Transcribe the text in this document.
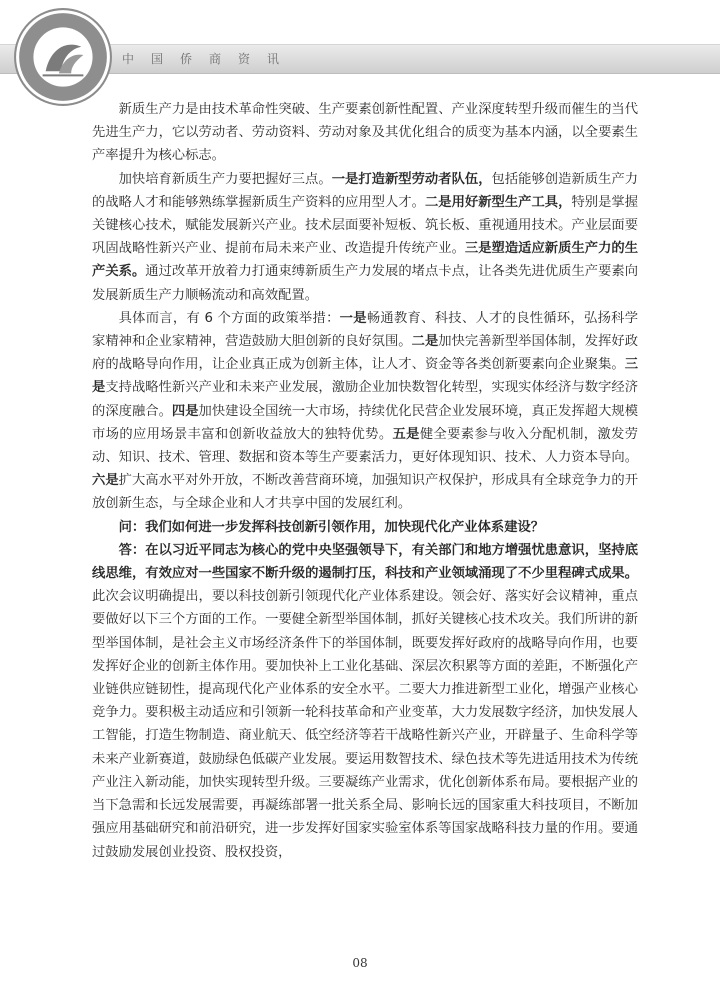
中国侨商资讯

新质生产力是由技术革命性突破、生产要素创新性配置、产业深度转型升级而催生的当代先进生产力，它以劳动者、劳动资料、劳动对象及其优化组合的质变为基本内涵，以全要素生产率提升为核心标志。

加快培育新质生产力要把握好三点。一是打造新型劳动者队伍，包括能够创造新质生产力的战略人才和能够熟练掌握新质生产资料的应用型人才。二是用好新型生产工具，特别是掌握关键核心技术，赋能发展新兴产业。技术层面要补短板、筑长板、重视通用技术。产业层面要巩固战略性新兴产业、提前布局未来产业、改造提升传统产业。三是塑造适应新质生产力的生产关系。通过改革开放着力打通束缚新质生产力发展的堵点卡点，让各类先进优质生产要素向发展新质生产力顺畅流动和高效配置。

具体而言，有 6 个方面的政策举措：一是畅通教育、科技、人才的良性循环，弘扬科学家精神和企业家精神，营造鼓励大胆创新的良好氛围。二是加快完善新型举国体制，发挥好政府的战略导向作用，让企业真正成为创新主体，让人才、资金等各类创新要素向企业聚集。三是支持战略性新兴产业和未来产业发展，激励企业加快数智化转型，实现实体经济与数字经济的深度融合。四是加快建设全国统一大市场，持续优化民营企业发展环境，真正发挥超大规模市场的应用场景丰富和创新收益放大的独特优势。五是健全要素参与收入分配机制，激发劳动、知识、技术、管理、数据和资本等生产要素活力，更好体现知识、技术、人力资本导向。六是扩大高水平对外开放，不断改善营商环境，加强知识产权保护，形成具有全球竞争力的开放创新生态，与全球企业和人才共享中国的发展红利。

问：我们如何进一步发挥科技创新引领作用，加快现代化产业体系建设？

答：在以习近平同志为核心的党中央坚强领导下，有关部门和地方增强忧患意识，坚持底线思维，有效应对一些国家不断升级的遏制打压，科技和产业领域涌现了不少里程碑式成果。此次会议明确提出，要以科技创新引领现代化产业体系建设。领会好、落实好会议精神，重点要做好以下三个方面的工作。一要健全新型举国体制，抓好关键核心技术攻关。我们所讲的新型举国体制，是社会主义市场经济条件下的举国体制，既要发挥好政府的战略导向作用，也要发挥好企业的创新主体作用。要加快补上工业化基础、深层次积累等方面的差距，不断强化产业链供应链韧性，提高现代化产业体系的安全水平。二要大力推进新型工业化，增强产业核心竞争力。要积极主动适应和引领新一轮科技革命和产业变革，大力发展数字经济，加快发展人工智能，打造生物制造、商业航天、低空经济等若干战略性新兴产业，开辟量子、生命科学等未来产业新赛道，鼓励绿色低碳产业发展。要运用数智技术、绿色技术等先进适用技术为传统产业注入新动能，加快实现转型升级。三要凝练产业需求，优化创新体系布局。要根据产业的当下急需和长远发展需要，再凝练部署一批关系全局、影响长远的国家重大科技项目，不断加强应用基础研究和前沿研究，进一步发挥好国家实验室体系等国家战略科技力量的作用。要通过鼓励发展创业投资、股权投资，

08
